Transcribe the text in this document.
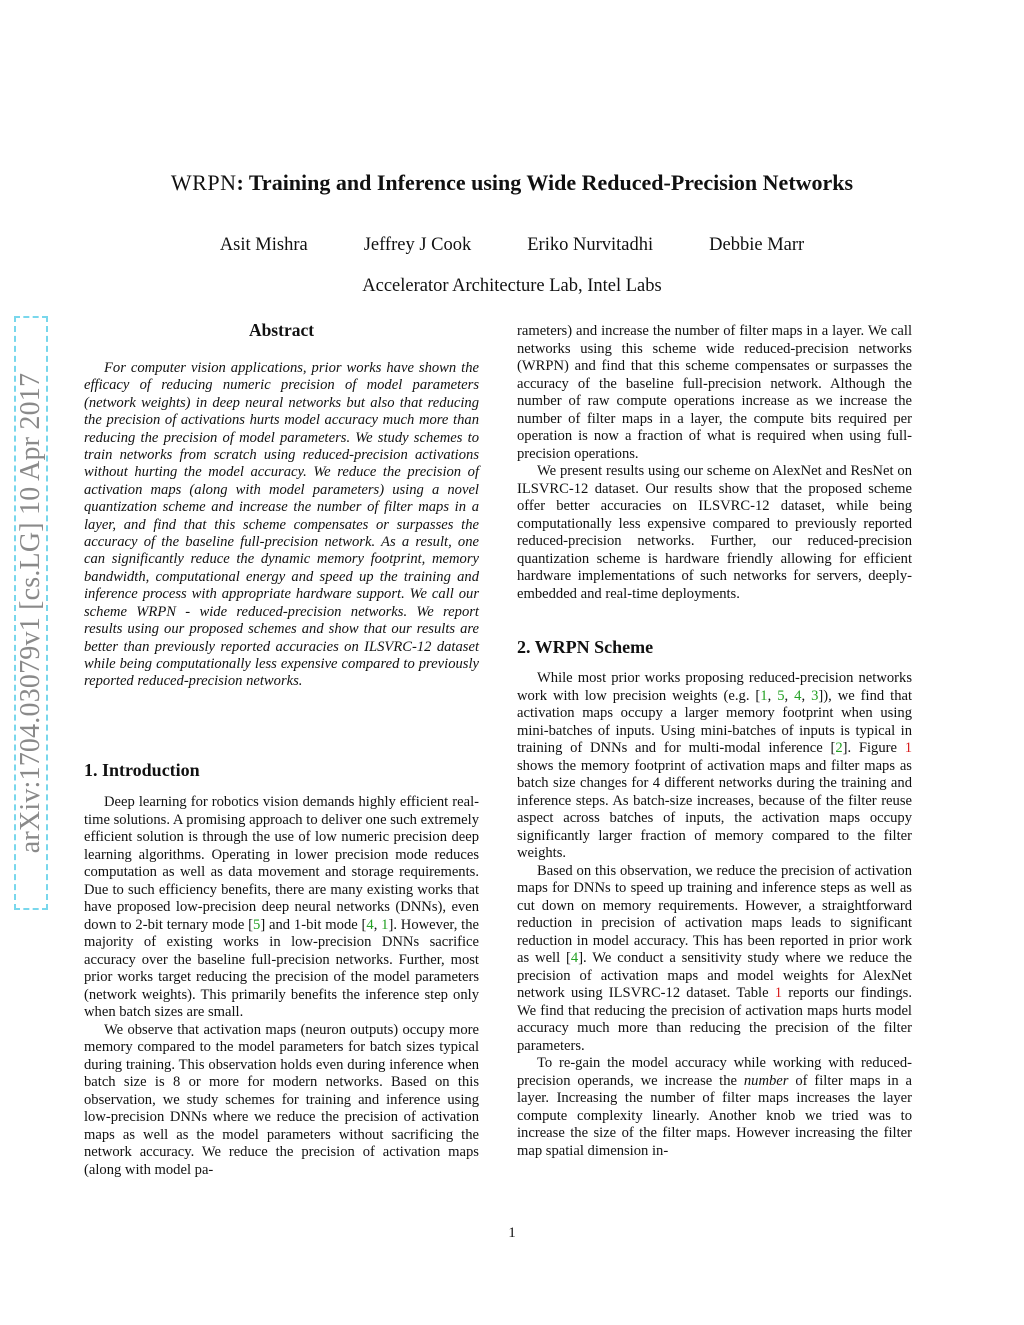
arXiv:1704.03079v1 [cs.LG] 10 Apr 2017
WRPN: Training and Inference using Wide Reduced-Precision Networks
Asit Mishra	Jeffrey J Cook	Eriko Nurvitadhi	Debbie Marr
Accelerator Architecture Lab, Intel Labs
Abstract

For computer vision applications, prior works have shown the efficacy of reducing numeric precision of model parameters (network weights) in deep neural networks but also that reducing the precision of activations hurts model accuracy much more than reducing the precision of model parameters. We study schemes to train networks from scratch using reduced-precision activations without hurting the model accuracy. We reduce the precision of activation maps (along with model parameters) using a novel quantization scheme and increase the number of filter maps in a layer, and find that this scheme compensates or surpasses the accuracy of the baseline full-precision network. As a result, one can significantly reduce the dynamic memory footprint, memory bandwidth, computational energy and speed up the training and inference process with appropriate hardware support. We call our scheme WRPN - wide reduced-precision networks. We report results using our proposed schemes and show that our results are better than previously reported accuracies on ILSVRC-12 dataset while being computationally less expensive compared to previously reported reduced-precision networks.

1. Introduction

Deep learning for robotics vision demands highly efficient real-time solutions. A promising approach to deliver one such extremely efficient solution is through the use of low numeric precision deep learning algorithms. Operating in lower precision mode reduces computation as well as data movement and storage requirements. Due to such efficiency benefits, there are many existing works that have proposed low-precision deep neural networks (DNNs), even down to 2-bit ternary mode [5] and 1-bit mode [4, 1]. However, the majority of existing works in low-precision DNNs sacrifice accuracy over the baseline full-precision networks. Further, most prior works target reducing the precision of the model parameters (network weights). This primarily benefits the inference step only when batch sizes are small.

We observe that activation maps (neuron outputs) occupy more memory compared to the model parameters for batch sizes typical during training. This observation holds even during inference when batch size is 8 or more for modern networks. Based on this observation, we study schemes for training and inference using low-precision DNNs where we reduce the precision of activation maps as well as the model parameters without sacrificing the network accuracy. We reduce the precision of activation maps (along with model pa-

rameters) and increase the number of filter maps in a layer. We call networks using this scheme wide reduced-precision networks (WRPN) and find that this scheme compensates or surpasses the accuracy of the baseline full-precision network. Although the number of raw compute operations increase as we increase the number of filter maps in a layer, the compute bits required per operation is now a fraction of what is required when using full-precision operations.

We present results using our scheme on AlexNet and ResNet on ILSVRC-12 dataset. Our results show that the proposed scheme offer better accuracies on ILSVRC-12 dataset, while being computationally less expensive compared to previously reported reduced-precision networks. Further, our reduced-precision quantization scheme is hardware friendly allowing for efficient hardware implementations of such networks for servers, deeply-embedded and real-time deployments.

2. WRPN Scheme

While most prior works proposing reduced-precision networks work with low precision weights (e.g. [1, 5, 4, 3]), we find that activation maps occupy a larger memory footprint when using mini-batches of inputs. Using mini-batches of inputs is typical in training of DNNs and for multi-modal inference [2]. Figure 1 shows the memory footprint of activation maps and filter maps as batch size changes for 4 different networks during the training and inference steps. As batch-size increases, because of the filter reuse aspect across batches of inputs, the activation maps occupy significantly larger fraction of memory compared to the filter weights.

Based on this observation, we reduce the precision of activation maps for DNNs to speed up training and inference steps as well as cut down on memory requirements. However, a straightforward reduction in precision of activation maps leads to significant reduction in model accuracy. This has been reported in prior work as well [4]. We conduct a sensitivity study where we reduce the precision of activation maps and model weights for AlexNet network using ILSVRC-12 dataset. Table 1 reports our findings. We find that reducing the precision of activation maps hurts model accuracy much more than reducing the precision of the filter parameters.

To re-gain the model accuracy while working with reduced-precision operands, we increase the number of filter maps in a layer. Increasing the number of filter maps increases the layer compute complexity linearly. Another knob we tried was to increase the size of the filter maps. However increasing the filter map spatial dimension in-

1
